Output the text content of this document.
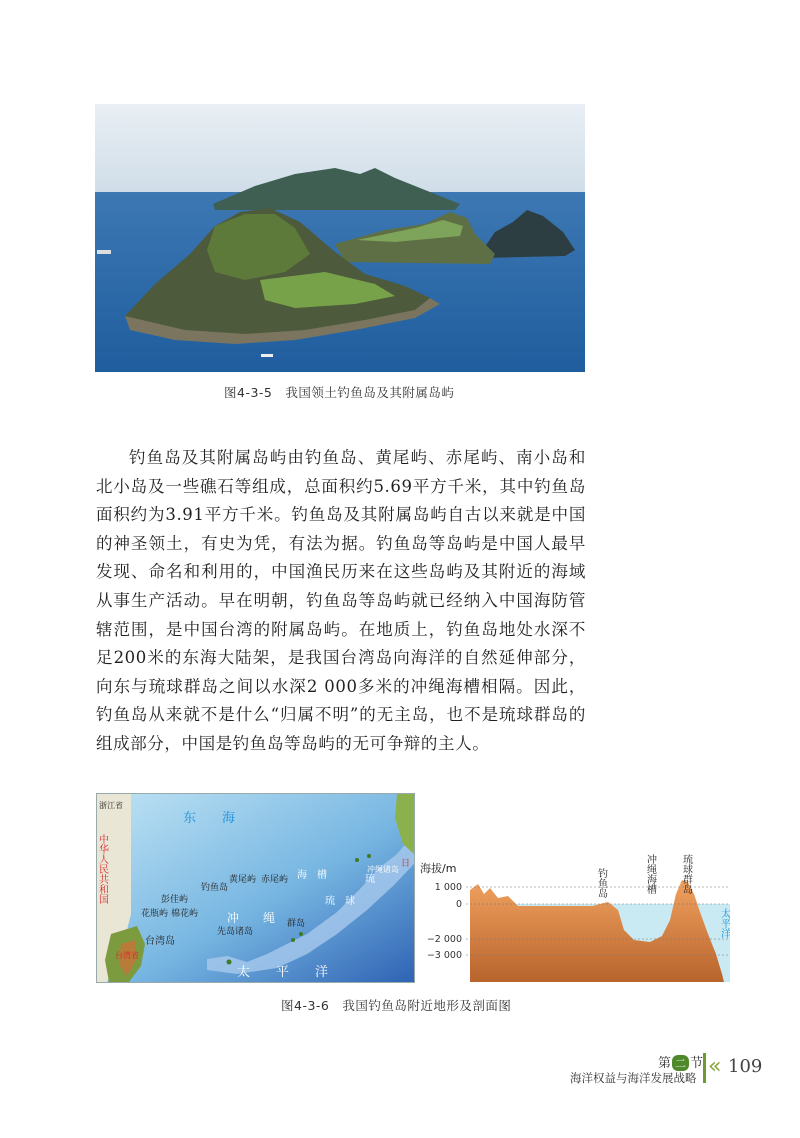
图4-3-5　我国领土钓鱼岛及其附属岛屿

钓鱼岛及其附属岛屿由钓鱼岛、黄尾屿、赤尾屿、南小岛和北小岛及一些礁石等组成，总面积约5.69平方千米，其中钓鱼岛面积约为3.91平方千米。钓鱼岛及其附属岛屿自古以来就是中国的神圣领土，有史为凭，有法为据。钓鱼岛等岛屿是中国人最早发现、命名和利用的，中国渔民历来在这些岛屿及其附近的海域从事生产活动。早在明朝，钓鱼岛等岛屿就已经纳入中国海防管辖范围，是中国台湾的附属岛屿。在地质上，钓鱼岛地处水深不足200米的东海大陆架，是我国台湾岛向海洋的自然延伸部分，向东与琉球群岛之间以水深2 000多米的冲绳海槽相隔。因此，钓鱼岛从来就不是什么“归属不明”的无主岛，也不是琉球群岛的组成部分，中国是钓鱼岛等岛屿的无可争辩的主人。

浙江省
彭佳屿
花瓶屿 棉花屿
钓鱼岛
黄尾屿 赤尾屿
台湾岛
先岛诸岛
群岛
冲绳诸岛
东　　海
冲　　绳
海　槽
琉　球
琉
太　　平　　洋
中华人民共和国
台湾省
日 海拔/m
1 000
0
−2 000
−3 000
钓鱼岛	冲绳海槽	琉球群岛
太平洋
图4-3-6　我国钓鱼岛附近地形及剖面图
第 二 节
海洋权益与海洋发展战略 « 109
